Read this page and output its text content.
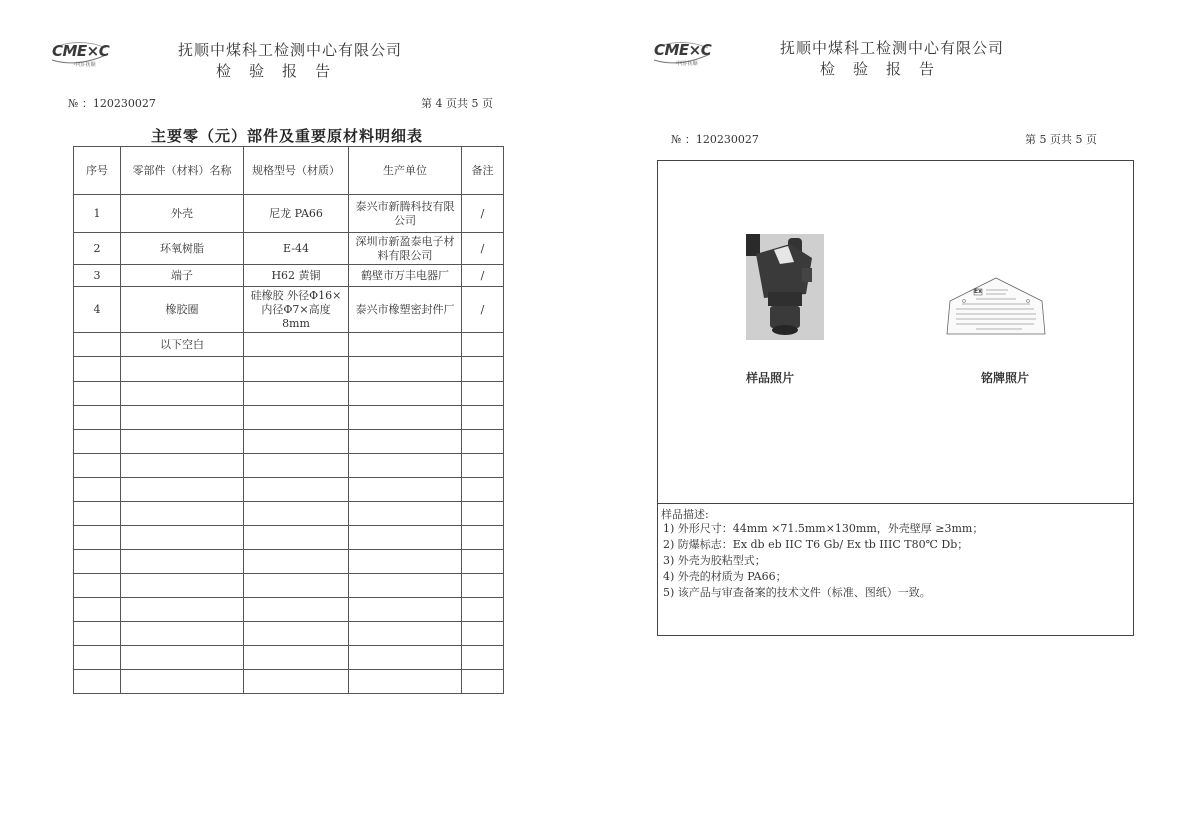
CME×C
中国·抚顺
抚顺中煤科工检测中心有限公司
检验报告
№ ：120230027	第 4 页共 5 页
主要零（元）部件及重要原材料明细表
序号	零部件（材料）名称	规格型号（材质）	生产单位	备注
1	外壳	尼龙 PA66	泰兴市新腾科技有限公司	/
2	环氧树脂	E-44	深圳市新盈泰电子材料有限公司	/
3	端子	H62 黄铜	鹤壁市万丰电器厂	/
4	橡胶圈	硅橡胶 外径Φ16×内径Φ7×高度 8mm	泰兴市橡塑密封件厂	/
	以下空白			

CME×C
中国·抚顺
抚顺中煤科工检测中心有限公司
检验报告
№ ：120230027	第 5 页共 5 页
Ex
样品照片	铭牌照片
样品描述:
1) 外形尺寸：44mm ×71.5mm×130mm，外壳壁厚 ≥3mm；
2) 防爆标志：Ex db eb IIC T6 Gb/ Ex tb IIIC T80℃ Db；
3) 外壳为胶粘型式；
4) 外壳的材质为 PA66；
5) 该产品与审查备案的技术文件（标准、图纸）一致。
